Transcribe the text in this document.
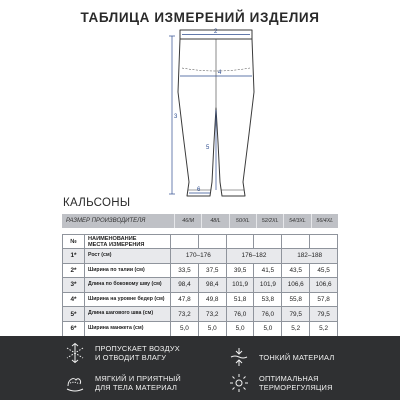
ТАБЛИЦА ИЗМЕРЕНИЙ ИЗДЕЛИЯ
2
4
3
5
6
КАЛЬСОНЫ
РАЗМЕР ПРОИЗВОДИТЕЛЯ	46/M	48/L	50/XL	52/2XL	54/3XL	56/4XL
№	НАИМЕНОВАНИЕ
МЕСТА ИЗМЕРЕНИЯ						

1*	Рост (см)	170–176		176–182		182–188	
2*	Ширина по талии (см)	33,5	37,5	39,5	41,5	43,5	45,5
3*	Длина по боковому шву (см)	98,4	98,4	101,9	101,9	106,6	106,6
4*	Ширина на уровне бедер (см)	47,8	49,8	51,8	53,8	55,8	57,8
5*	Длина шагового шва (см)	73,2	73,2	76,0	76,0	79,5	79,5
6*	Ширина манжета (см)	5,0	5,0	5,0	5,0	5,2	5,2
ПРОПУСКАЕТ ВОЗДУХ
И ОТВОДИТ ВЛАГУ	ТОНКИЙ МАТЕРИАЛ
МЯГКИЙ И ПРИЯТНЫЙ
ДЛЯ ТЕЛА МАТЕРИАЛ
ОПТИМАЛЬНАЯ
ТЕРМОРЕГУЛЯЦИЯ
